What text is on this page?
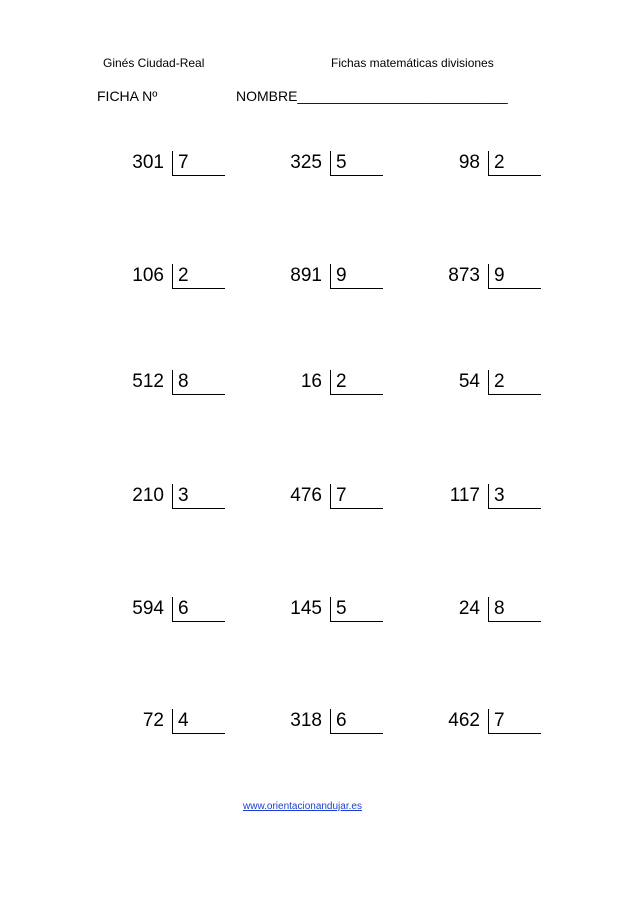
Ginés Ciudad-Real	Fichas matemáticas divisiones
FICHA Nº	NOMBRE___________________________
301 7	325 5	98 2
106 2	891 9	873 9
512 8	16 2	54 2
210 3	476 7	117 3
594 6	145 5	24 8
72 4	318 6	462 7
www.orientacionandujar.es
